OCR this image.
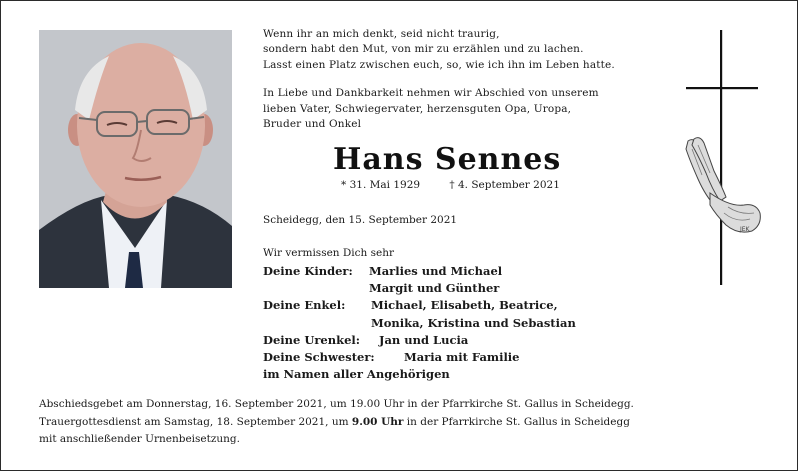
Wenn ihr an mich denkt, seid nicht traurig,
sondern habt den Mut, von mir zu erzählen und zu lachen.
Lasst einen Platz zwischen euch, so, wie ich ihn im Leben hatte.
In Liebe und Dankbarkeit nehmen wir Abschied von unserem
lieben Vater, Schwiegervater, herzensguten Opa, Uropa,
Bruder und Onkel
Hans Sennes
* 31. Mai 1929	† 4. September 2021
Scheidegg, den 15. September 2021
Wir vermissen Dich sehr
Deine Kinder: Marlies und Michael
Margit und Günther
Deine Enkel: Michael, Elisabeth, Beatrice,
Monika, Kristina und Sebastian
Deine Urenkel: Jan und Lucia
Deine Schwester:	Maria mit Familie
im Namen aller Angehörigen
JEK
Abschiedsgebet am Donnerstag, 16. September 2021, um 19.00 Uhr in der Pfarrkirche St. Gallus in Scheidegg.
Trauergottesdienst am Samstag, 18. September 2021, um 9.00 Uhr in der Pfarrkirche St. Gallus in Scheidegg
mit anschließender Urnenbeisetzung.
